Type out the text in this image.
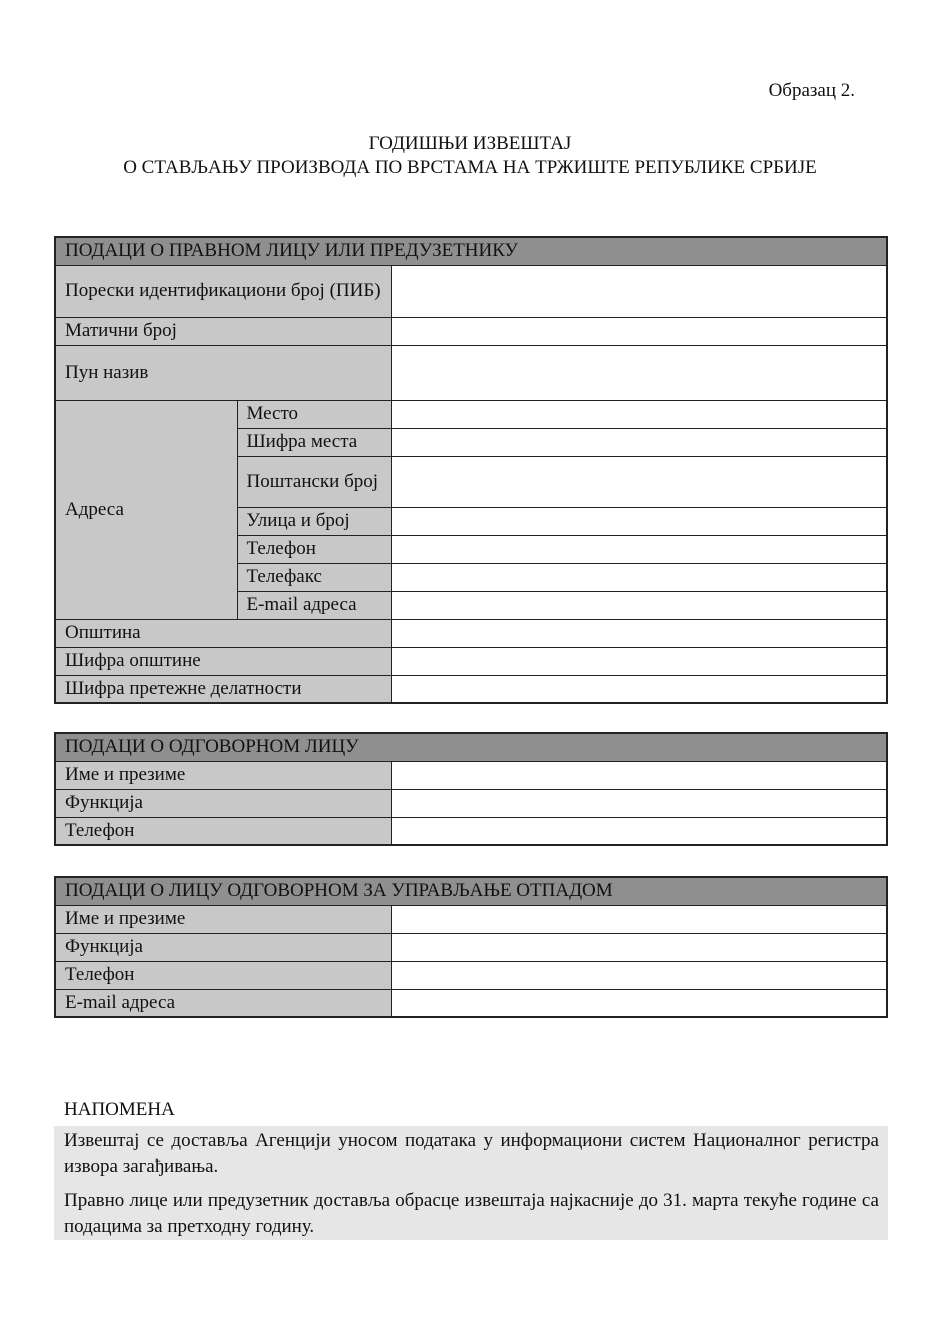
Образац 2.
ГОДИШЊИ ИЗВЕШТАЈ
О СТАВЉАЊУ ПРОИЗВОДА ПО ВРСТАМА НА ТРЖИШТЕ РЕПУБЛИКЕ СРБИЈЕ
ПОДАЦИ О ПРАВНОМ ЛИЦУ ИЛИ ПРЕДУЗЕТНИКУ		
Порески идентификациони број (ПИБ)		
Матични број		
Пун назив		
Адреса	Место	
	Шифра места	
	Поштански број	
	Улица и број	
	Телефон	
	Телефакс	
	E-mail адреса	
Општина		
Шифра општине		
Шифра претежне делатности		
ПОДАЦИ О ОДГОВОРНОМ ЛИЦУ	
Име и презиме	
Функција	
Телефон	
ПОДАЦИ О ЛИЦУ ОДГОВОРНОМ ЗА УПРАВЉАЊЕ ОТПАДОМ	
Име и презиме	
Функција	
Телефон	
E-mail адреса	
НАПОМЕНА

Извештај се доставља Агенцији уносом података у информациони систем Националног регистра извора загађивања.

Правно лице или предузетник доставља обрасце извештаја најкасније до 31. марта текуће године са подацима за претходну годину.
